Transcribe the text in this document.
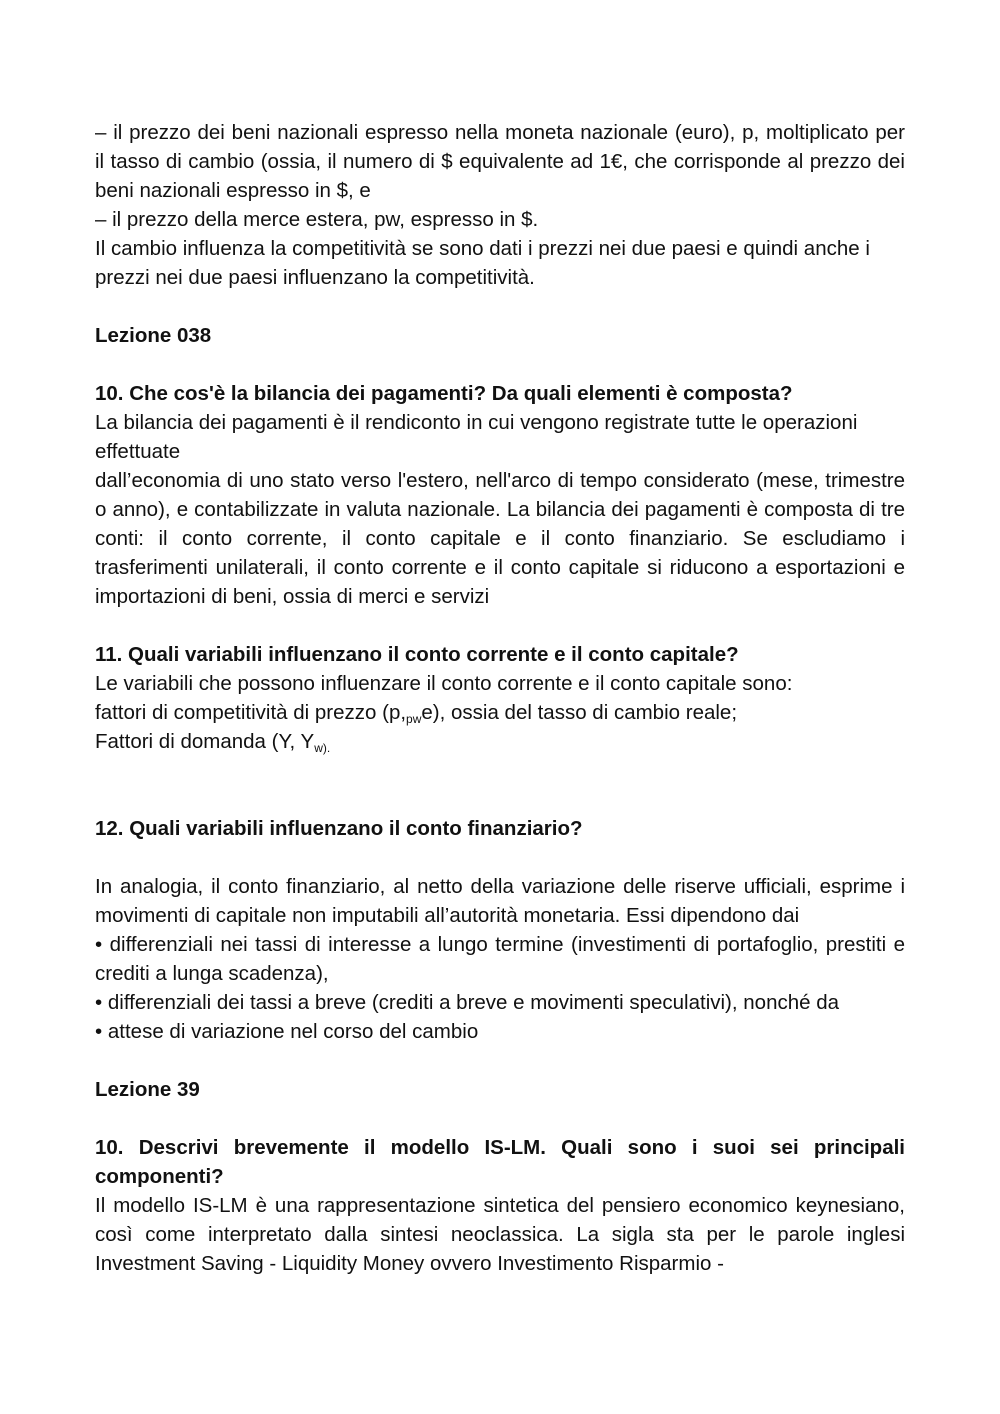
– il prezzo dei beni nazionali espresso nella moneta nazionale (euro), p, moltiplicato per il tasso di cambio (ossia, il numero di $ equivalente ad 1€, che corrisponde al prezzo dei beni nazionali espresso in $, e

– il prezzo della merce estera, pw, espresso in $.

Il cambio influenza la competitività se sono dati i prezzi nei due paesi e quindi anche i prezzi nei due paesi influenzano la competitività.

Lezione 038

10. Che cos'è la bilancia dei pagamenti? Da quali elementi è composta?

La bilancia dei pagamenti è il rendiconto in cui vengono registrate tutte le operazioni effettuate

dall’economia di uno stato verso l'estero, nell'arco di tempo considerato (mese, trimestre o anno), e contabilizzate in valuta nazionale. La bilancia dei pagamenti è composta di tre conti: il conto corrente, il conto capitale e il conto finanziario. Se escludiamo i trasferimenti unilaterali, il conto corrente e il conto capitale si riducono a esportazioni e importazioni di beni, ossia di merci e servizi

11. Quali variabili influenzano il conto corrente e il conto capitale?

Le variabili che possono influenzare il conto corrente e il conto capitale sono:

fattori di competitività di prezzo $(p,_{pw}e)$, ossia del tasso di cambio reale;

Fattori di domanda (Y, $Y_{w).}$

12. Quali variabili influenzano il conto finanziario?

In analogia, il conto finanziario, al netto della variazione delle riserve ufficiali, esprime i movimenti di capitale non imputabili all’autorità monetaria. Essi dipendono dai

• differenziali nei tassi di interesse a lungo termine (investimenti di portafoglio, prestiti e crediti a lunga scadenza),

• differenziali dei tassi a breve (crediti a breve e movimenti speculativi), nonché da

• attese di variazione nel corso del cambio

Lezione 39

10. Descrivi brevemente il modello IS-LM. Quali sono i suoi sei principali componenti?

Il modello IS-LM è una rappresentazione sintetica del pensiero economico keynesiano, così come interpretato dalla sintesi neoclassica. La sigla sta per le parole inglesi Investment Saving - Liquidity Money ovvero Investimento Risparmio -
